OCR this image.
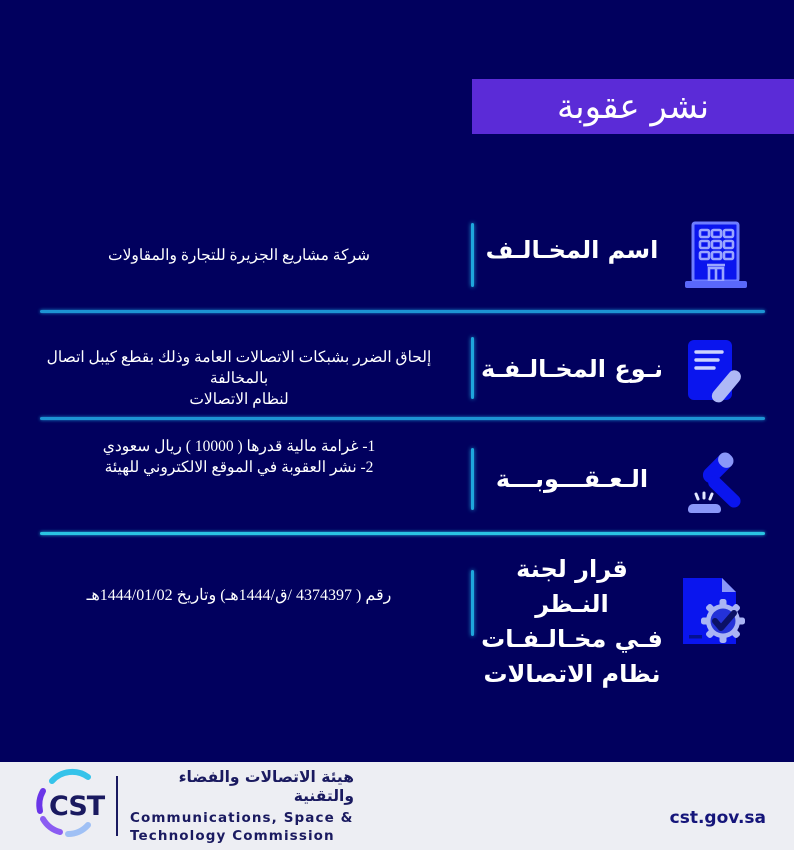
نشر عقوبة
شركة مشاريع الجزيرة للتجارة والمقاولات	اسم المخـالـف
إلحاق الضرر بشبكات الاتصالات العامة وذلك بقطع كيبل اتصال بالمخالفة
لنظام الاتصالات
نـوع المخـالـفـة
1- غرامة مالية قدرها ( 10000 ) ريال سعودي
2- نشر العقوبة في الموقع الالكتروني للهيئة	الـعـقـــوبـــة
رقم ( 4374397 /ق/1444هـ) وتاريخ 1444/01/02هـ
قرار لجنة النـظر
فـي مخـالـفـات
نظام الاتصالات
CST
هيئة الاتصالات والفضاء والتقنية
Communications, Space &
Technology Commission
cst.gov.sa
